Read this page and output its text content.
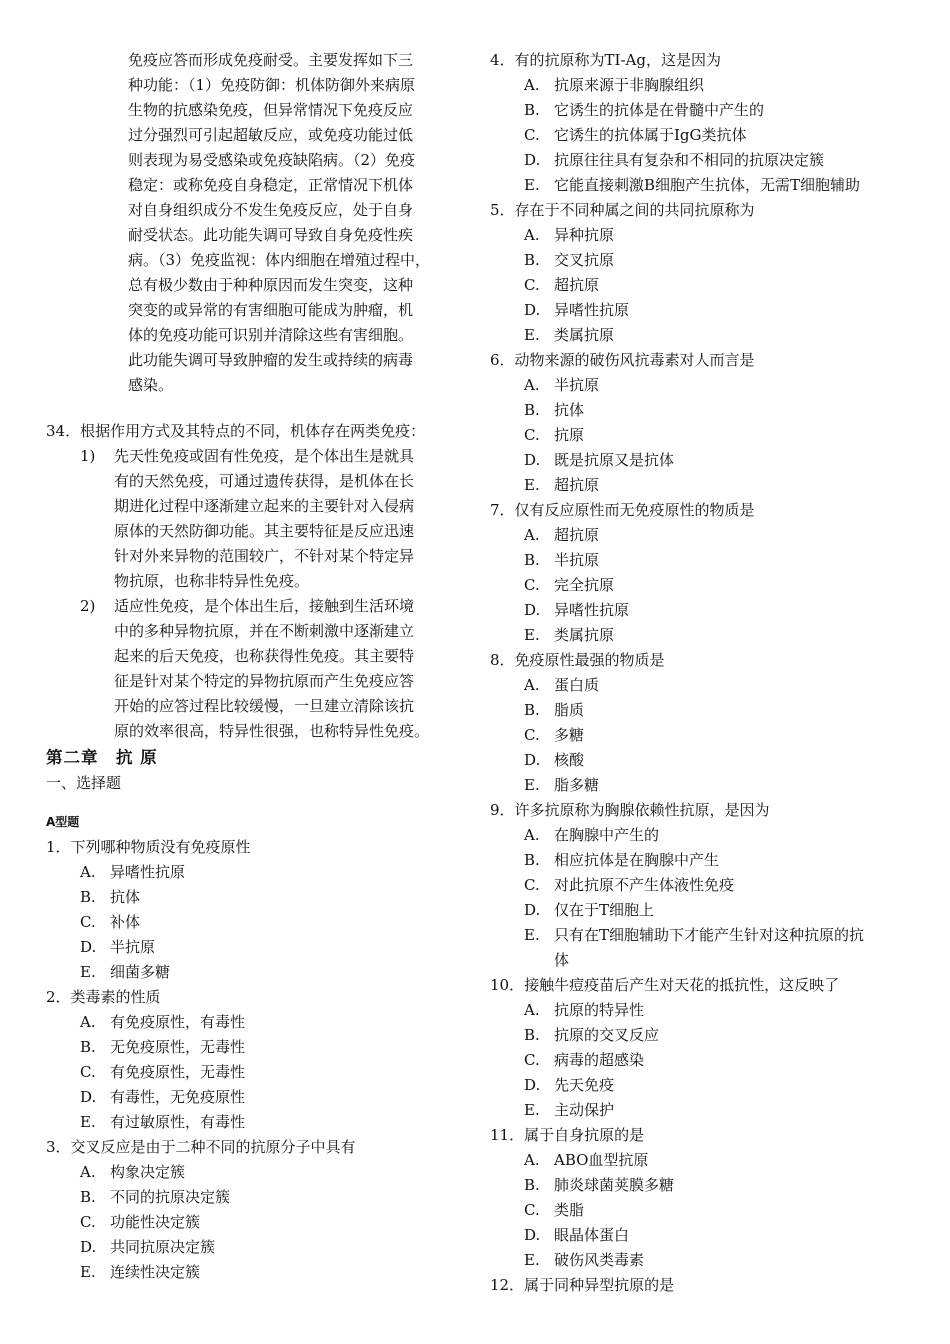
免疫应答而形成免疫耐受。主要发挥如下三
种功能：（1）免疫防御：机体防御外来病原
生物的抗感染免疫，但异常情况下免疫反应
过分强烈可引起超敏反应，或免疫功能过低
则表现为易受感染或免疫缺陷病。（2）免疫
稳定：或称免疫自身稳定，正常情况下机体
对自身组织成分不发生免疫反应，处于自身
耐受状态。此功能失调可导致自身免疫性疾
病。（3）免疫监视：体内细胞在增殖过程中，
总有极少数由于种种原因而发生突变，这种
突变的或异常的有害细胞可能成为肿瘤，机
体的免疫功能可识别并清除这些有害细胞。
此功能失调可导致肿瘤的发生或持续的病毒
感染。
34．根据作用方式及其特点的不同，机体存在两类免疫：
1)	先天性免疫或固有性免疫，是个体出生是就具
有的天然免疫，可通过遗传获得，是机体在长
期进化过程中逐渐建立起来的主要针对入侵病
原体的天然防御功能。其主要特征是反应迅速
针对外来异物的范围较广，不针对某个特定异
物抗原，也称非特异性免疫。
2)	适应性免疫，是个体出生后，接触到生活环境
中的多种异物抗原，并在不断刺激中逐渐建立
起来的后天免疫，也称获得性免疫。其主要特
征是针对某个特定的异物抗原而产生免疫应答
开始的应答过程比较缓慢，一旦建立清除该抗
原的效率很高，特异性很强，也称特异性免疫。
第二章　抗 原
一、选择题
A型题
1．下列哪种物质没有免疫原性
A. 异嗜性抗原
B. 抗体
C. 补体
D. 半抗原
E. 细菌多糖
2．类毒素的性质
A. 有免疫原性，有毒性
B. 无免疫原性，无毒性
C. 有免疫原性，无毒性
D. 有毒性，无免疫原性
E. 有过敏原性，有毒性
3．交叉反应是由于二种不同的抗原分子中具有
A. 构象决定簇
B. 不同的抗原决定簇
C. 功能性决定簇
D. 共同抗原决定簇
E. 连续性决定簇
4．有的抗原称为TI-Ag，这是因为
A. 抗原来源于非胸腺组织
B. 它诱生的抗体是在骨髓中产生的
C. 它诱生的抗体属于IgG类抗体
D. 抗原往往具有复杂和不相同的抗原决定簇
E. 它能直接刺激B细胞产生抗体，无需T细胞辅助
5．存在于不同种属之间的共同抗原称为
A. 异种抗原
B. 交叉抗原
C. 超抗原
D. 异嗜性抗原
E. 类属抗原
6．动物来源的破伤风抗毒素对人而言是
A. 半抗原
B. 抗体
C. 抗原
D. 既是抗原又是抗体
E. 超抗原
7．仅有反应原性而无免疫原性的物质是
A. 超抗原
B. 半抗原
C. 完全抗原
D. 异嗜性抗原
E. 类属抗原
8．免疫原性最强的物质是
A. 蛋白质
B. 脂质
C. 多糖
D. 核酸
E. 脂多糖
9．许多抗原称为胸腺依赖性抗原，是因为
A. 在胸腺中产生的
B. 相应抗体是在胸腺中产生
C. 对此抗原不产生体液性免疫
D. 仅在于T细胞上
E. 只有在T细胞辅助下才能产生针对这种抗原的抗
体
10．接触牛痘疫苗后产生对天花的抵抗性，这反映了
A. 抗原的特异性
B. 抗原的交叉反应
C. 病毒的超感染
D. 先天免疫
E. 主动保护
11．属于自身抗原的是
A. ABO血型抗原
B. 肺炎球菌荚膜多糖
C. 类脂
D. 眼晶体蛋白
E. 破伤风类毒素
12．属于同种异型抗原的是
